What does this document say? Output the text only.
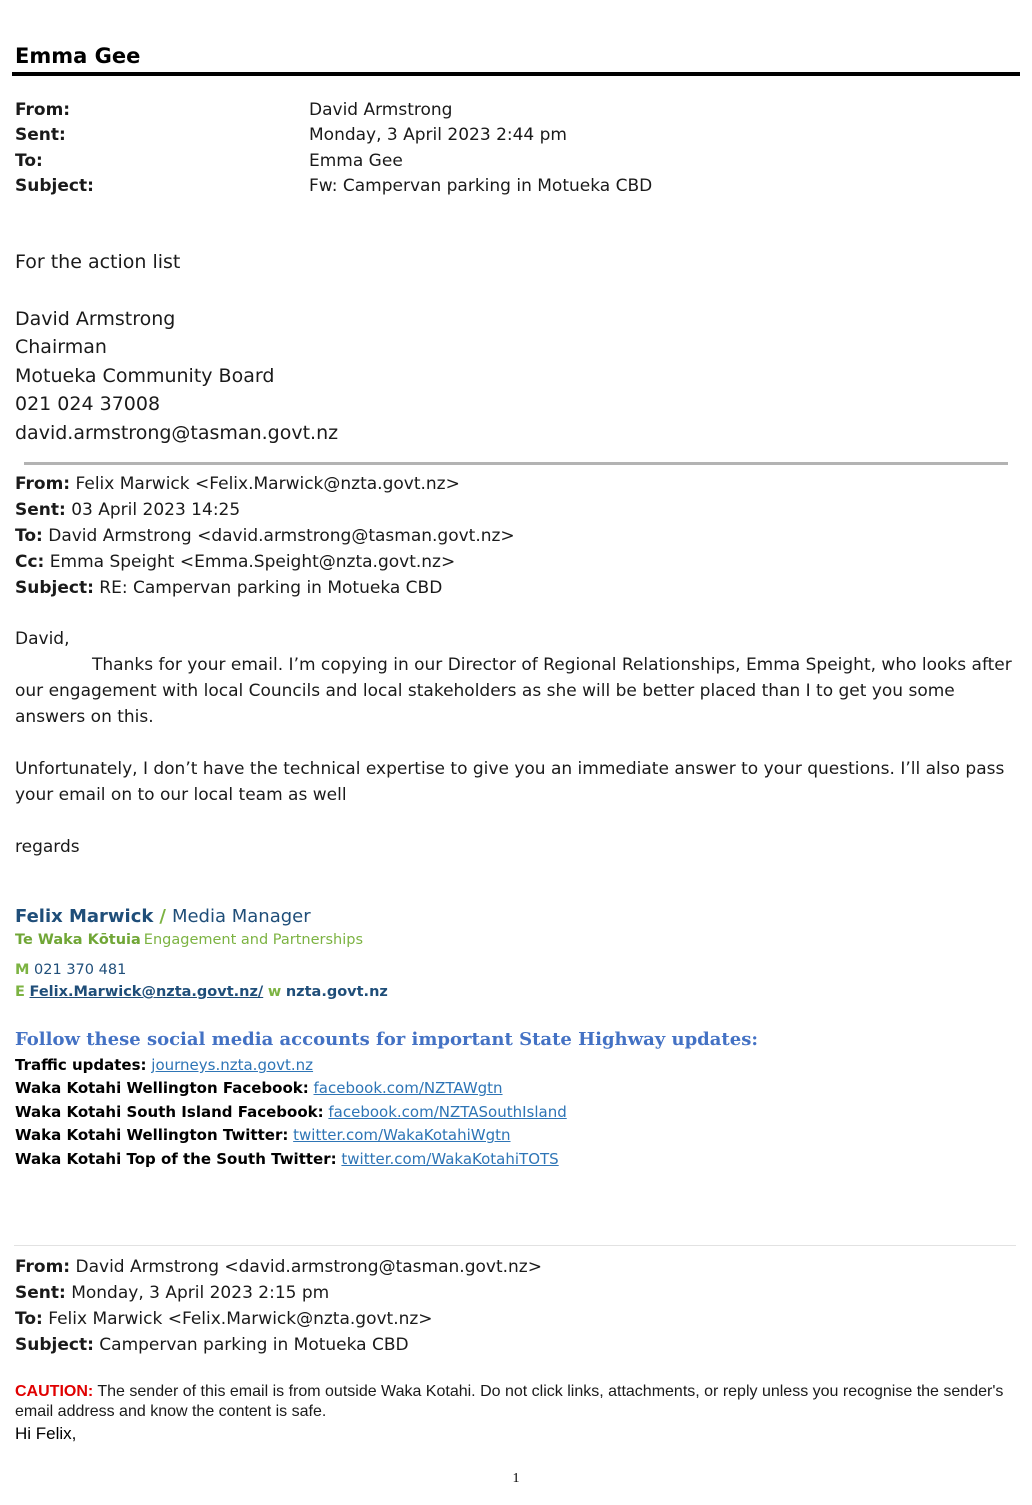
Emma Gee
From:	David Armstrong
Sent:	Monday, 3 April 2023 2:44 pm
To:	Emma Gee
Subject:	Fw: Campervan parking in Motueka CBD
For the action list
David Armstrong
Chairman
Motueka Community Board
021 024 37008
david.armstrong@tasman.govt.nz
From: Felix Marwick <Felix.Marwick@nzta.govt.nz>
Sent: 03 April 2023 14:25
To: David Armstrong <david.armstrong@tasman.govt.nz>
Cc: Emma Speight <Emma.Speight@nzta.govt.nz>
Subject: RE: Campervan parking in Motueka CBD

David,

Thanks for your email. I’m copying in our Director of Regional Relationships, Emma Speight, who looks after our engagement with local Councils and local stakeholders as she will be better placed than I to get you some answers on this.

Unfortunately, I don’t have the technical expertise to give you an immediate answer to your questions. I’ll also pass your email on to our local team as well

regards

Felix Marwick / Media Manager
Te Waka Kōtuia Engagement and Partnerships
M 021 370 481
E Felix.Marwick@nzta.govt.nz/ w nzta.govt.nz
Follow these social media accounts for important State Highway updates:
Traffic updates: journeys.nzta.govt.nz
Waka Kotahi Wellington Facebook: facebook.com/NZTAWgtn
Waka Kotahi South Island Facebook: facebook.com/NZTASouthIsland
Waka Kotahi Wellington Twitter: twitter.com/WakaKotahiWgtn
Waka Kotahi Top of the South Twitter: twitter.com/WakaKotahiTOTS
From: David Armstrong <david.armstrong@tasman.govt.nz>
Sent: Monday, 3 April 2023 2:15 pm
To: Felix Marwick <Felix.Marwick@nzta.govt.nz>
Subject: Campervan parking in Motueka CBD
CAUTION: The sender of this email is from outside Waka Kotahi. Do not click links, attachments, or reply unless you recognise the sender's email address and know the content is safe.
Hi Felix,
1
